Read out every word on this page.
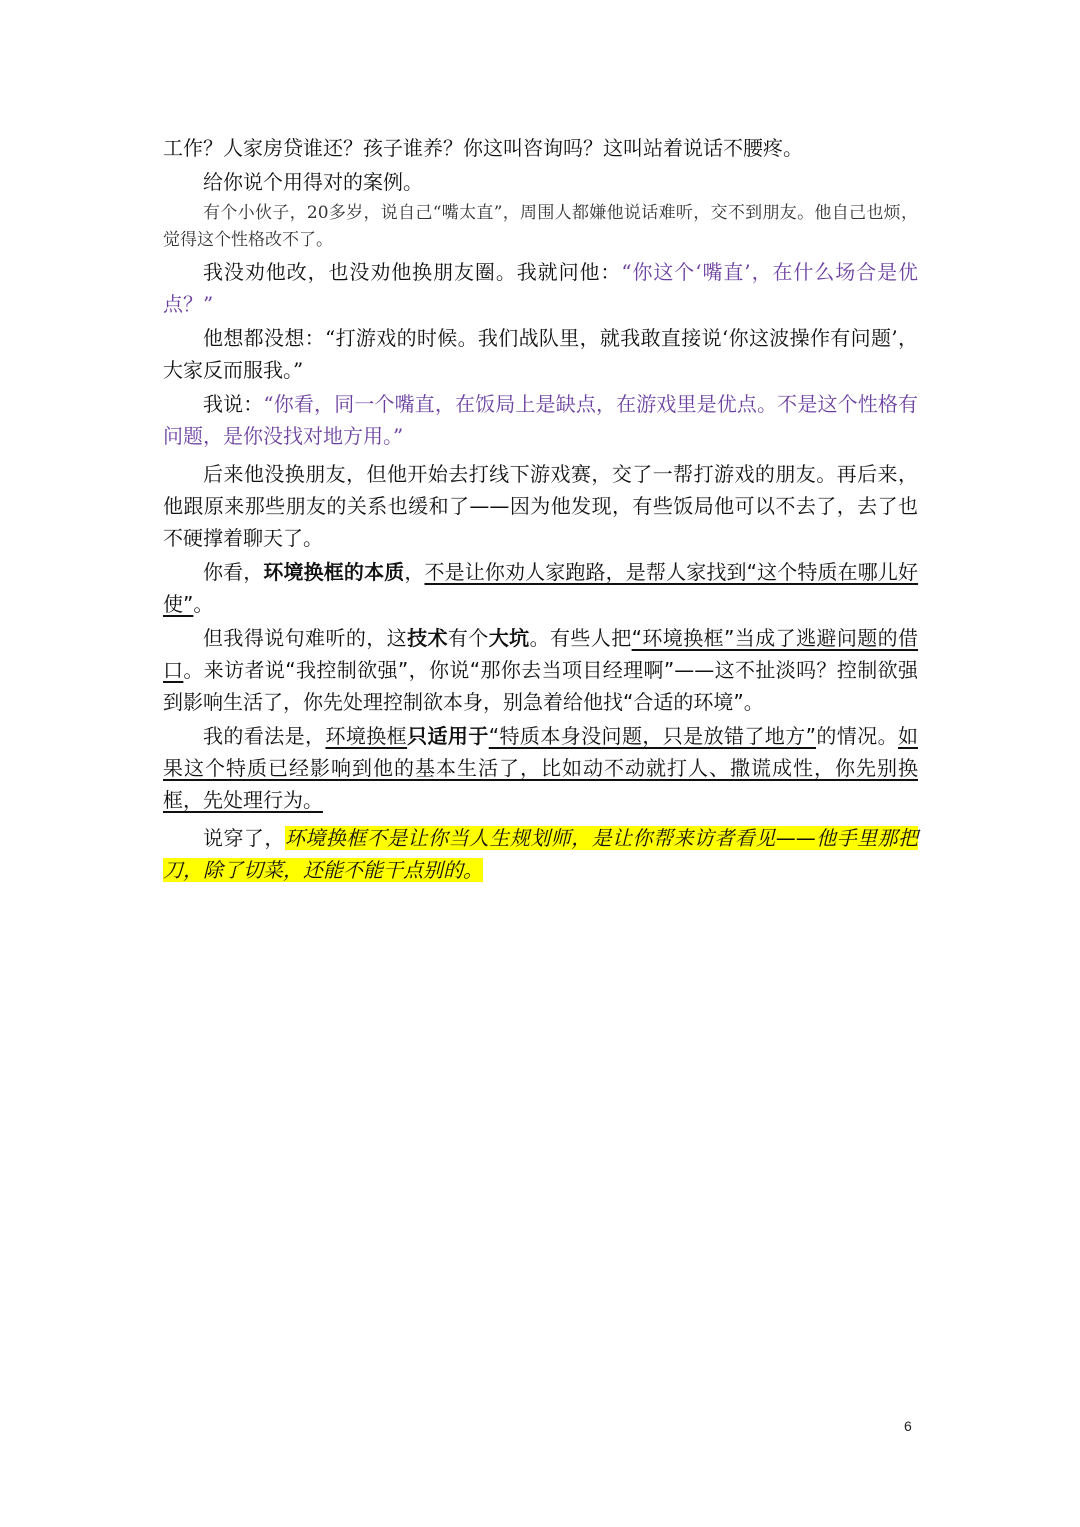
工作？人家房贷谁还？孩子谁养？你这叫咨询吗？这叫站着说话不腰疼。
给你说个用得对的案例。

有个小伙子，20多岁，说自己“嘴太直”，周围人都嫌他说话难听，交不到朋友。他自己也烦，觉得这个性格改不了。

我没劝他改，也没劝他换朋友圈。我就问他：“你这个‘嘴直’，在什么场合是优点？”

他想都没想：“打游戏的时候。我们战队里，就我敢直接说‘你这波操作有问题’，大家反而服我。”

我说：“你看，同一个嘴直，在饭局上是缺点，在游戏里是优点。不是这个性格有问题，是你没找对地方用。”

后来他没换朋友，但他开始去打线下游戏赛，交了一帮打游戏的朋友。再后来，他跟原来那些朋友的关系也缓和了——因为他发现，有些饭局他可以不去了，去了也不硬撑着聊天了。

你看，环境换框的本质，不是让你劝人家跑路，是帮人家找到“这个特质在哪儿好使”。

但我得说句难听的，这技术有个大坑。有些人把“环境换框”当成了逃避问题的借口。来访者说“我控制欲强”，你说“那你去当项目经理啊”——这不扯淡吗？控制欲强到影响生活了，你先处理控制欲本身，别急着给他找“合适的环境”。

我的看法是，环境换框只适用于“特质本身没问题，只是放错了地方”的情况。如果这个特质已经影响到他的基本生活了，比如动不动就打人、撒谎成性，你先别换框，先处理行为。

说穿了，环境换框不是让你当人生规划师，是让你帮来访者看见——他手里那把刀，除了切菜，还能不能干点别的。

6
